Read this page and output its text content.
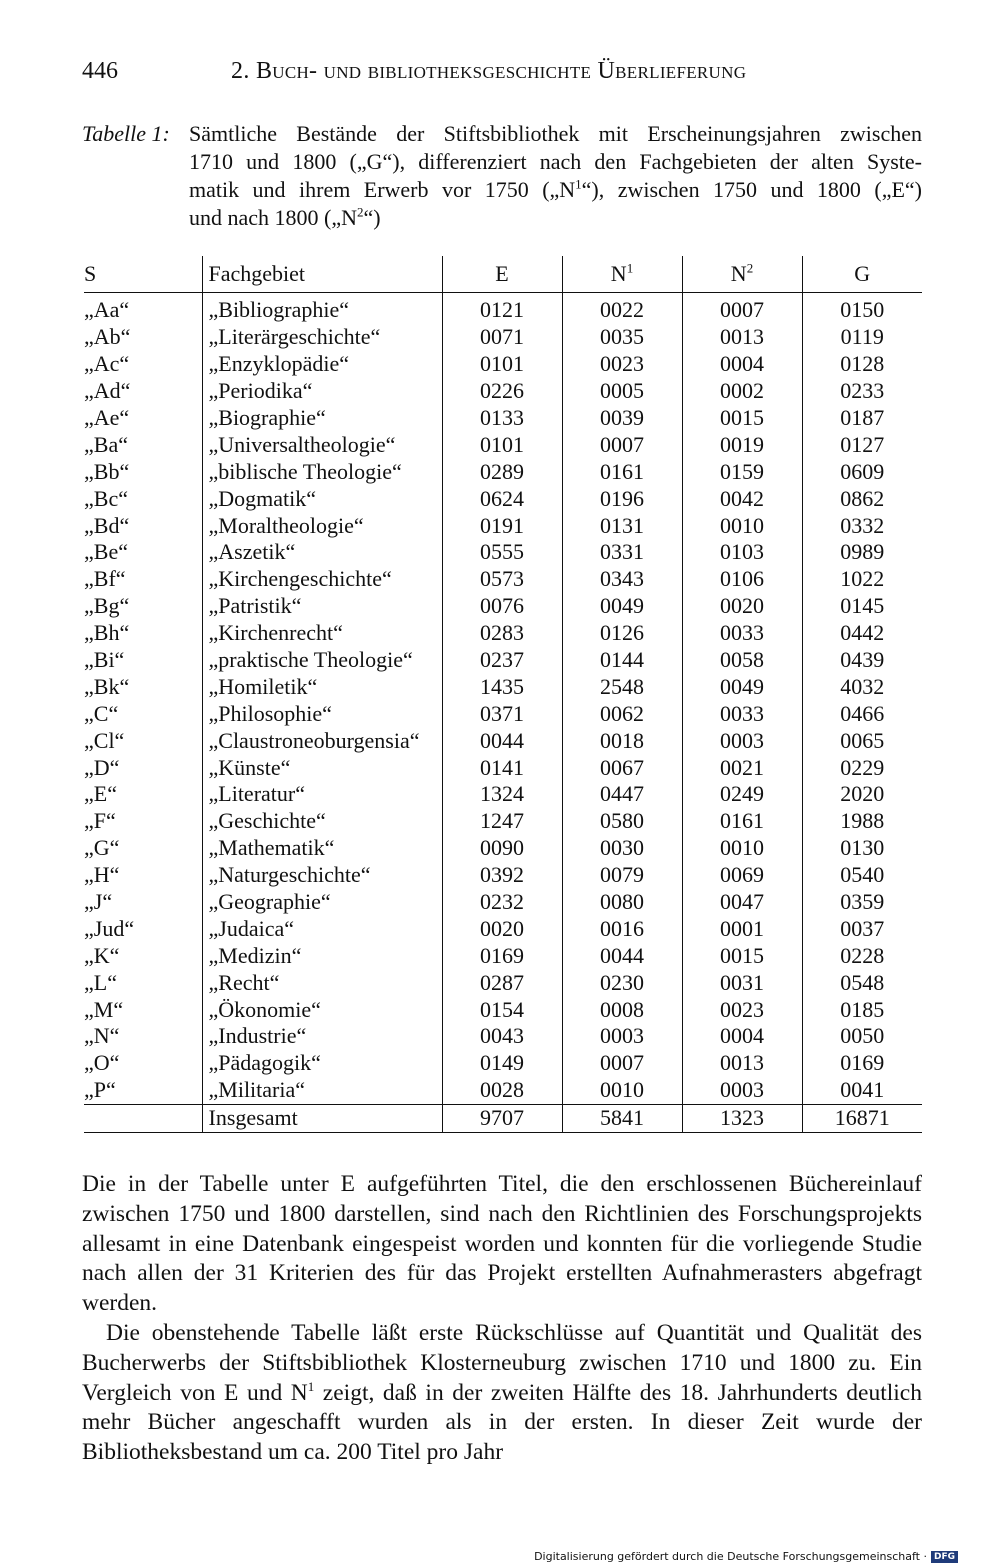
446	2. BUCH- UND BIBLIOTHEKSGESCHICHTE ÜBERLIEFERUNG
Tabelle 1: Sämtliche Bestände der Stiftsbibliothek mit Erscheinungsjahren zwischen
1710 und 1800 („G“), differenziert nach den Fachgebieten der alten Syste-
matik und ihrem Erwerb vor 1750 $(„N^1“)$, zwischen 1750 und 1800 („E“)
und nach 1800 $(„N^2“)$
S	Fachgebiet	E	$N^1$	$N^2$	G
„Aa“	„Bibliographie“	0121	0022	0007	0150
„Ab“	„Literärgeschichte“	0071	0035	0013	0119
„Ac“	„Enzyklopädie“	0101	0023	0004	0128
„Ad“	„Periodika“	0226	0005	0002	0233
„Ae“	„Biographie“	0133	0039	0015	0187
„Ba“	„Universaltheologie“	0101	0007	0019	0127
„Bb“	„biblische Theologie“	0289	0161	0159	0609
„Bc“	„Dogmatik“	0624	0196	0042	0862
„Bd“	„Moraltheologie“	0191	0131	0010	0332
„Be“	„Aszetik“	0555	0331	0103	0989
„Bf“	„Kirchengeschichte“	0573	0343	0106	1022
„Bg“	„Patristik“	0076	0049	0020	0145
„Bh“	„Kirchenrecht“	0283	0126	0033	0442
„Bi“	„praktische Theologie“	0237	0144	0058	0439
„Bk“	„Homiletik“	1435	2548	0049	4032
„C“	„Philosophie“	0371	0062	0033	0466
„Cl“	„Claustroneoburgensia“	0044	0018	0003	0065
„D“	„Künste“	0141	0067	0021	0229
„E“	„Literatur“	1324	0447	0249	2020
„F“	„Geschichte“	1247	0580	0161	1988
„G“	„Mathematik“	0090	0030	0010	0130
„H“	„Naturgeschichte“	0392	0079	0069	0540
„J“	„Geographie“	0232	0080	0047	0359
„Jud“	„Judaica“	0020	0016	0001	0037
„K“	„Medizin“	0169	0044	0015	0228
„L“	„Recht“	0287	0230	0031	0548
„M“	„Ökonomie“	0154	0008	0023	0185
„N“	„Industrie“	0043	0003	0004	0050
„O“	„Pädagogik“	0149	0007	0013	0169
„P“	„Militaria“	0028	0010	0003	0041
	Insgesamt	9707	5841	1323	16871

Die in der Tabelle unter E aufgeführten Titel, die den erschlossenen Büchereinlauf zwischen 1750 und 1800 darstellen, sind nach den Richtlinien des Forschungsprojekts allesamt in eine Datenbank eingespeist worden und konnten für die vorliegende Studie nach allen der 31 Kriterien des für das Projekt erstellten Aufnahmerasters abgefragt werden.

Die obenstehende Tabelle läßt erste Rückschlüsse auf Quantität und Qualität des Bucherwerbs der Stiftsbibliothek Klosterneuburg zwischen 1710 und 1800 zu. Ein Vergleich von E und $N^1$ zeigt, daß in der zweiten Hälfte des 18. Jahrhunderts deutlich mehr Bücher angeschafft wurden als in der ersten. In dieser Zeit wurde der Bibliotheksbestand um ca. 200 Titel pro Jahr

Digitalisierung gefördert durch die Deutsche Forschungsgemeinschaft · DFG
